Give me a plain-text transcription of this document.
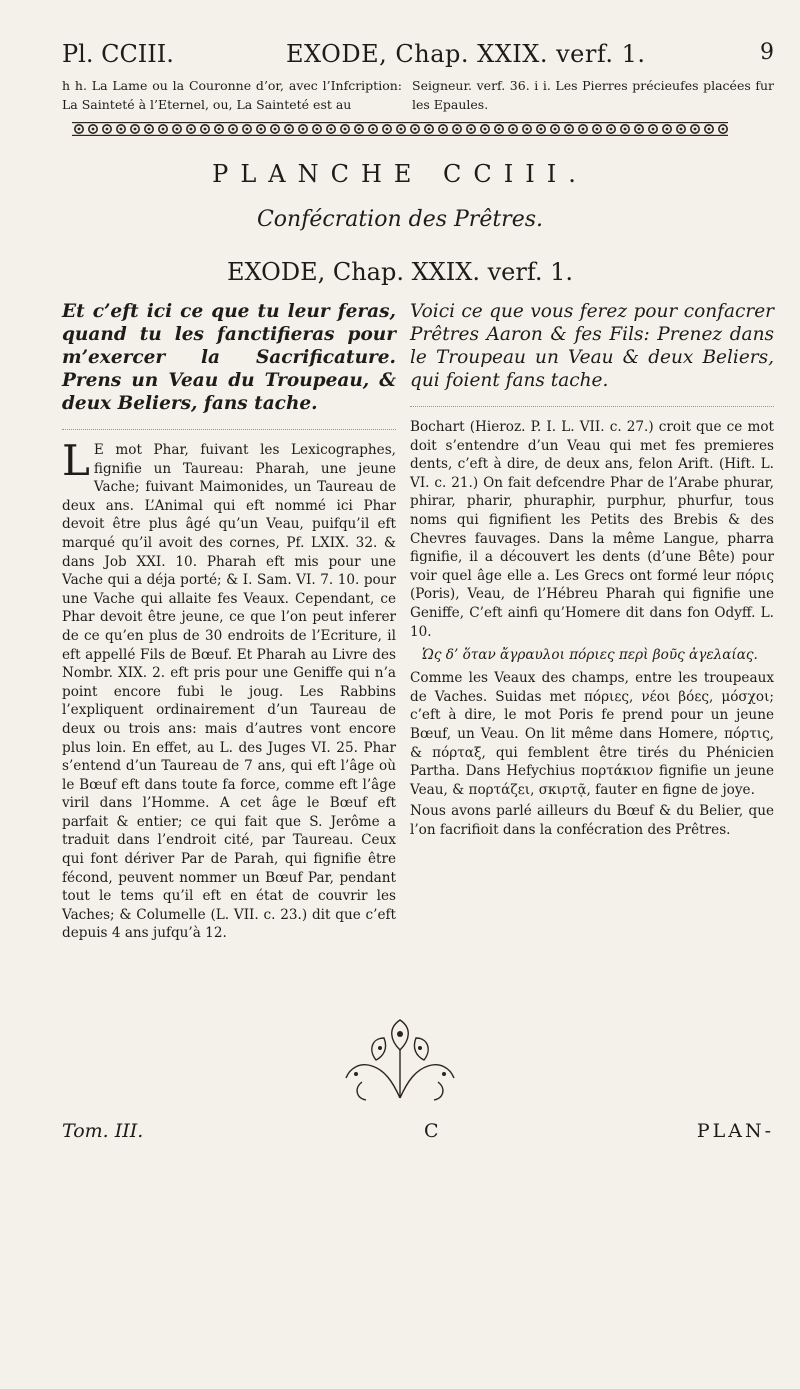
Pl. CCIII.	EXODE, Chap. XXIX. verf. 1.	9

h h. La Lame ou la Couronne d’or, avec l’Infcription: La Sainteté à l’Eternel, ou, La Sainteté est au

Seigneur. verf. 36. i i. Les Pierres précieufes placées fur les Epaules.

PLANCHE CCIII.
Confécration des Prêtres.
EXODE, Chap. XXIX. verf. 1.

Et c’eft ici ce que tu leur feras, quand tu les fanctifieras pour m’exercer la Sacrificature. Prens un Veau du Troupeau, & deux Beliers, fans tache.

L E mot Phar, fuivant les Lexicographes, fignifie un Taureau: Pharah, une jeune Vache; fuivant Maimonides, un Taureau de deux ans. L’Animal qui eft nommé ici Phar devoit être plus âgé qu’un Veau, puifqu’il eft marqué qu’il avoit des cornes, Pf. LXIX. 32. & dans Job XXI. 10. Pharah eft mis pour une Vache qui a déja porté; & I. Sam. VI. 7. 10. pour une Vache qui allaite fes Veaux. Cependant, ce Phar devoit être jeune, ce que l’on peut inferer de ce qu’en plus de 30 endroits de l’Ecriture, il eft appellé Fils de Bœuf. Et Pharah au Livre des Nombr. XIX. 2. eft pris pour une Geniffe qui n’a point encore fubi le joug. Les Rabbins l’expliquent ordinairement d’un Taureau de deux ou trois ans: mais d’autres vont encore plus loin. En effet, au L. des Juges VI. 25. Phar s’entend d’un Taureau de 7 ans, qui eft l’âge où le Bœuf eft dans toute fa force, comme eft l’âge viril dans l’Homme. A cet âge le Bœuf eft parfait & entier; ce qui fait que S. Jerôme a traduit dans l’endroit cité, par Taureau. Ceux qui font dériver Par de Parah, qui fignifie être fécond, peuvent nommer un Bœuf Par, pendant tout le tems qu’il eft en état de couvrir les Vaches; & Columelle (L. VII. c. 23.) dit que c’eft depuis 4 ans jufqu’à 12.

Voici ce que vous ferez pour confacrer Prêtres Aaron & fes Fils: Prenez dans le Troupeau un Veau & deux Beliers, qui foient fans tache.

Bochart (Hieroz. P. I. L. VII. c. 27.) croit que ce mot doit s’entendre d’un Veau qui met fes premieres dents, c’eft à dire, de deux ans, felon Arift. (Hift. L. VI. c. 21.) On fait defcendre Phar de l’Arabe phurar, phirar, pharir, phuraphir, purphur, phurfur, tous noms qui fignifient les Petits des Brebis & des Chevres fauvages. Dans la même Langue, pharra fignifie, il a découvert les dents (d’une Bête) pour voir quel âge elle a. Les Grecs ont formé leur πόρις (Poris), Veau, de l’Hébreu Pharah qui fignifie une Geniffe, C’eft ainfi qu’Homere dit dans fon Odyff. L. 10.

Ὡς δ’ ὅταν ἄγραυλοι πόριες περὶ βοῦς ἀγελαίας.

Comme les Veaux des champs, entre les troupeaux de Vaches. Suidas met πόριες, νέοι βόες, μόσχοι; c’eft à dire, le mot Poris fe prend pour un jeune Bœuf, un Veau. On lit même dans Homere, πόρτις, & πόρταξ, qui femblent être tirés du Phénicien Partha. Dans Hefychius πορτάκιον fignifie un jeune Veau, & πορτάζει, σκιρτᾷ, fauter en figne de joye.

Nous avons parlé ailleurs du Bœuf & du Belier, que l’on facrifioit dans la confécration des Prêtres.

Tom. III.	C	PLAN-
